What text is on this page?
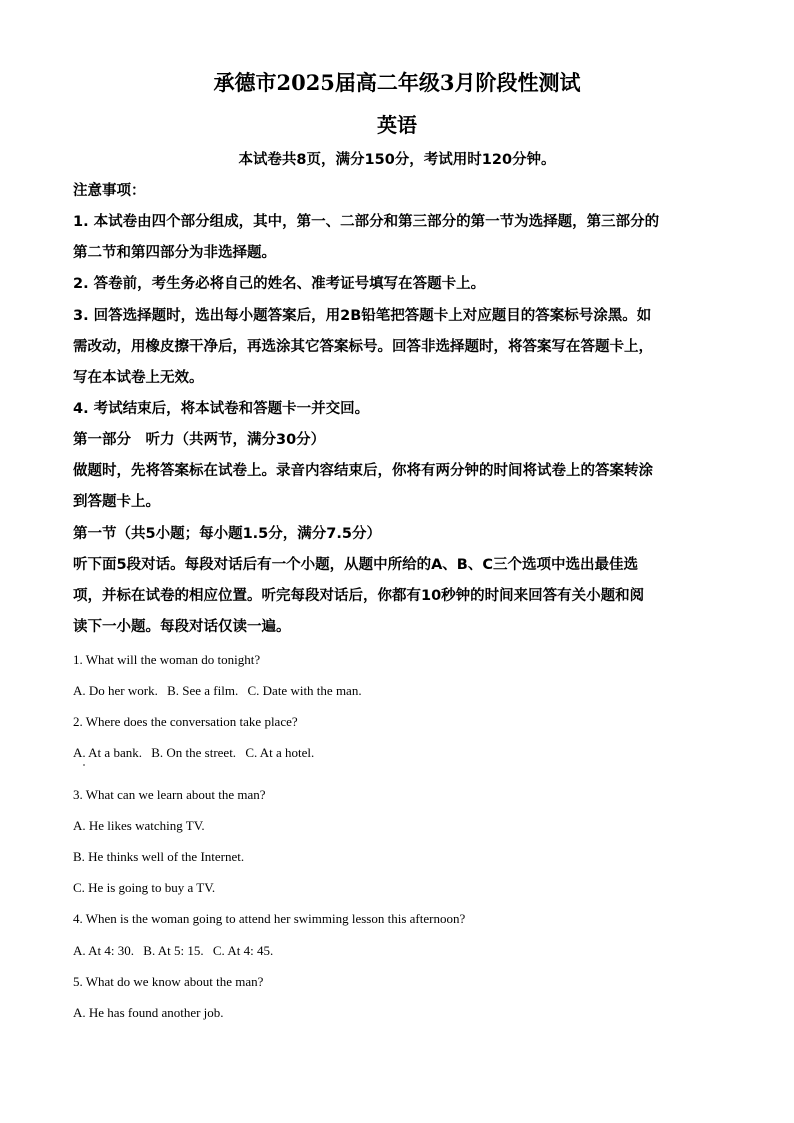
承德市2025届高二年级3月阶段性测试
英语
本试卷共8页，满分150分，考试用时120分钟。
注意事项：
1. 本试卷由四个部分组成，其中，第一、二部分和第三部分的第一节为选择题，第三部分的
第二节和第四部分为非选择题。
2. 答卷前，考生务必将自己的姓名、准考证号填写在答题卡上。
3. 回答选择题时，选出每小题答案后，用2B铅笔把答题卡上对应题目的答案标号涂黑。如
需改动，用橡皮擦干净后，再选涂其它答案标号。回答非选择题时，将答案写在答题卡上，
写在本试卷上无效。
4. 考试结束后，将本试卷和答题卡一并交回。
第一部分　听力（共两节，满分30分）
做题时，先将答案标在试卷上。录音内容结束后，你将有两分钟的时间将试卷上的答案转涂
到答题卡上。
第一节（共5小题；每小题1.5分，满分7.5分）
听下面5段对话。每段对话后有一个小题，从题中所给的A、B、C三个选项中选出最佳选
项，并标在试卷的相应位置。听完每段对话后，你都有10秒钟的时间来回答有关小题和阅
读下一小题。每段对话仅读一遍。
1. What will the woman do tonight?
A. Do her work. B. See a film. C. Date with the man.
2. Where does the conversation take place?
A. At a bank. B. On the street. C. At a hotel.
3. What can we learn about the man?
A. He likes watching TV.
B. He thinks well of the Internet.
C. He is going to buy a TV.
4. When is the woman going to attend her swimming lesson this afternoon?
A. At 4: 30. B. At 5: 15. C. At 4: 45.
5. What do we know about the man?
A. He has found another job.
